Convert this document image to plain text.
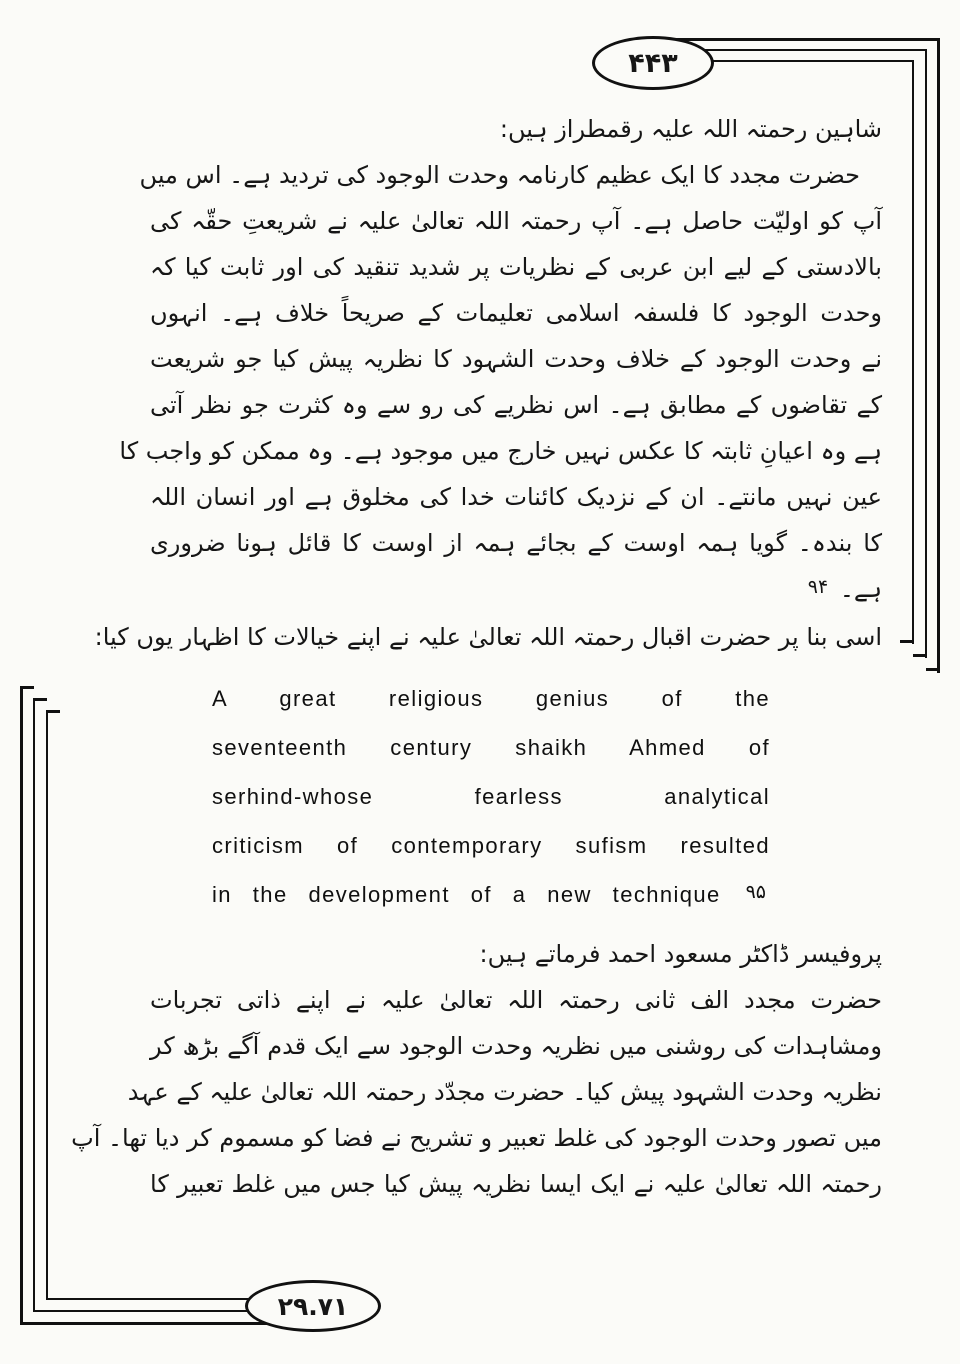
۴۴۳
۲۹.۷۱
شاہین رحمتہ اللہ علیہ رقمطراز ہیں:
حضرت مجدد کا ایک عظیم کارنامہ وحدت الوجود کی تردید ہے۔ اس میں
آپ کو اولیّت حاصل ہے۔ آپ رحمتہ اللہ تعالیٰ علیہ نے شریعتِ حقّہ کی
بالادستی کے لیے ابن عربی کے نظریات پر شدید تنقید کی اور ثابت کیا کہ
وحدت الوجود کا فلسفہ اسلامی تعلیمات کے صریحاً خلاف ہے۔ انہوں
نے وحدت الوجود کے خلاف وحدت الشہود کا نظریہ پیش کیا جو شریعت
کے تقاضوں کے مطابق ہے۔ اس نظریے کی رو سے وہ کثرت جو نظر آتی
ہے وہ اعیانِ ثابتہ کا عکس نہیں خارج میں موجود ہے۔ وہ ممکن کو واجب کا
عین نہیں مانتے۔ ان کے نزدیک کائنات خدا کی مخلوق ہے اور انسان اللہ
کا بندہ۔ گویا ہمہ اوست کے بجائے ہمہ از اوست کا قائل ہونا ضروری
ہے۔ ۹۴
اسی بنا پر حضرت اقبال رحمتہ اللہ تعالیٰ علیہ نے اپنے خیالات کا اظہار یوں کیا:
A great religious genius of the
seventeenth century shaikh Ahmed of
serhind-whose fearless analytical
criticism of contemporary sufism resulted
in the development of a new technique ۹۵
پروفیسر ڈاکٹر مسعود احمد فرماتے ہیں:
حضرت مجدد الف ثانی رحمتہ اللہ تعالیٰ علیہ نے اپنے ذاتی تجربات
ومشاہدات کی روشنی میں نظریہ وحدت الوجود سے ایک قدم آگے بڑھ کر
نظریہ وحدت الشہود پیش کیا۔ حضرت مجدّد رحمتہ اللہ تعالیٰ علیہ کے عہد
میں تصور وحدت الوجود کی غلط تعبیر و تشریح نے فضا کو مسموم کر دیا تھا۔ آپ
رحمتہ اللہ تعالیٰ علیہ نے ایک ایسا نظریہ پیش کیا جس میں غلط تعبیر کا
